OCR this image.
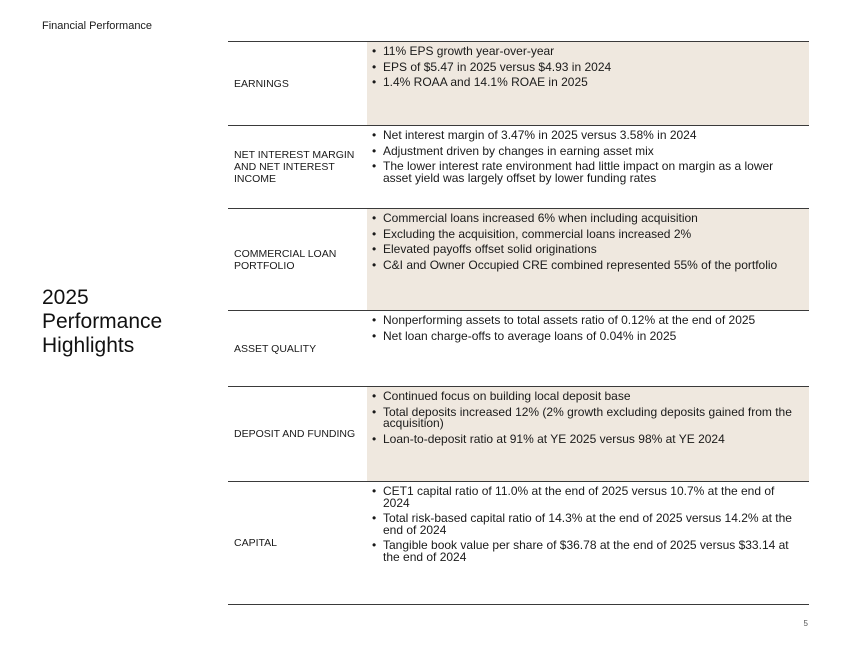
Financial Performance
2025
Performance
Highlights
EARNINGS
• 11% EPS growth year-over-year
• EPS of $5.47 in 2025 versus $4.93 in 2024
• 1.4% ROAA and 14.1% ROAE in 2025
NET INTEREST MARGIN AND NET INTEREST INCOME
• Net interest margin of 3.47% in 2025 versus 3.58% in 2024
• Adjustment driven by changes in earning asset mix
• The lower interest rate environment had little impact on margin as a lower asset yield was largely offset by lower funding rates
COMMERCIAL LOAN PORTFOLIO
• Commercial loans increased 6% when including acquisition
• Excluding the acquisition, commercial loans increased 2%
• Elevated payoffs offset solid originations
• C&I and Owner Occupied CRE combined represented 55% of the portfolio
ASSET QUALITY
• Nonperforming assets to total assets ratio of 0.12% at the end of 2025
• Net loan charge-offs to average loans of 0.04% in 2025
DEPOSIT AND FUNDING
• Continued focus on building local deposit base
• Total deposits increased 12% (2% growth excluding deposits gained from the acquisition)
• Loan-to-deposit ratio at 91% at YE 2025 versus 98% at YE 2024
CAPITAL
• CET1 capital ratio of 11.0% at the end of 2025 versus 10.7% at the end of 2024
• Total risk-based capital ratio of 14.3% at the end of 2025 versus 14.2% at the end of 2024
• Tangible book value per share of $36.78 at the end of 2025 versus $33.14 at the end of 2024
5
